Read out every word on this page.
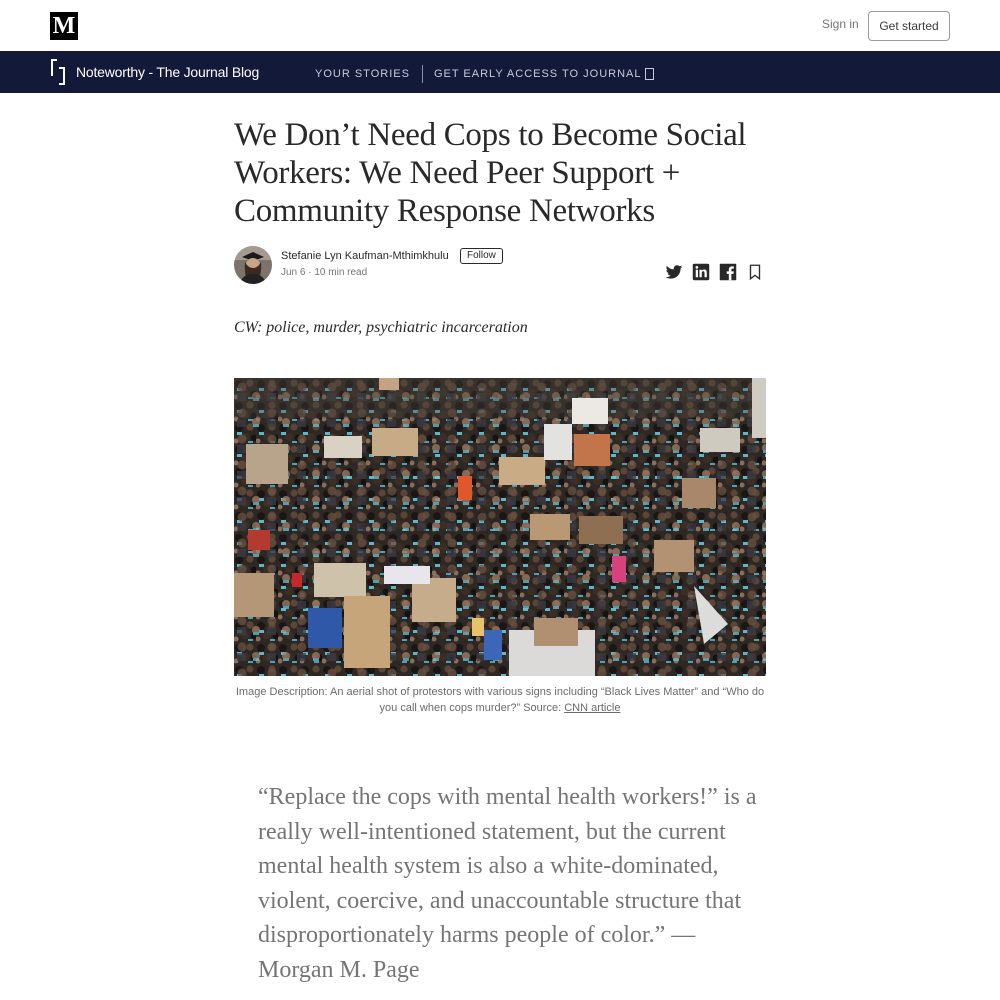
M	Sign in	Get started
Noteworthy - The Journal Blog	YOUR STORIES GET EARLY ACCESS TO JOURNAL
We Don’t Need Cops to Become Social Workers: We Need Peer Support + Community Response Networks
Stefanie Lyn Kaufman-Mthimkhulu	Follow
Jun 6 · 10 min read
CW: police, murder, psychiatric incarceration
Image Description: An aerial shot of protestors with various signs including “Black Lives Matter” and “Who do you call when cops murder?” Source: CNN article

“Replace the cops with mental health workers!” is a really well-intentioned statement, but the current mental health system is also a white-dominated, violent, coercive, and unaccountable structure that disproportionately harms people of color.” — Morgan M. Page
